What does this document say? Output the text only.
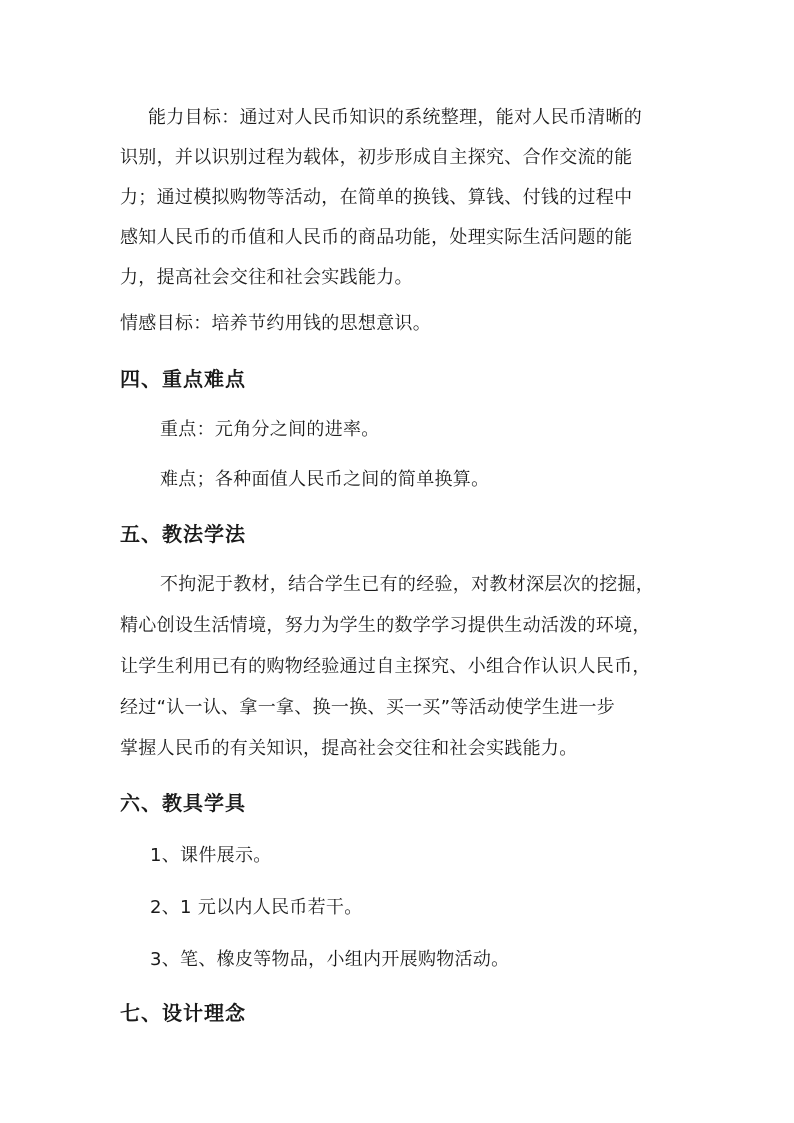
能力目标：通过对人民币知识的系统整理，能对人民币清晰的
识别，并以识别过程为载体，初步形成自主探究、合作交流的能
力；通过模拟购物等活动，在简单的换钱、算钱、付钱的过程中
感知人民币的币值和人民币的商品功能，处理实际生活问题的能
力，提高社会交往和社会实践能力。
情感目标：培养节约用钱的思想意识。
四、重点难点
重点：元角分之间的进率。
难点；各种面值人民币之间的简单换算。
五、教法学法
不拘泥于教材，结合学生已有的经验，对教材深层次的挖掘，
精心创设生活情境，努力为学生的数学学习提供生动活泼的环境，
让学生利用已有的购物经验通过自主探究、小组合作认识人民币，
经过“认一认、拿一拿、换一换、买一买”等活动使学生进一步
掌握人民币的有关知识，提高社会交往和社会实践能力。
六、教具学具
1、课件展示。
2、1 元以内人民币若干。
3、笔、橡皮等物品，小组内开展购物活动。
七、设计理念
